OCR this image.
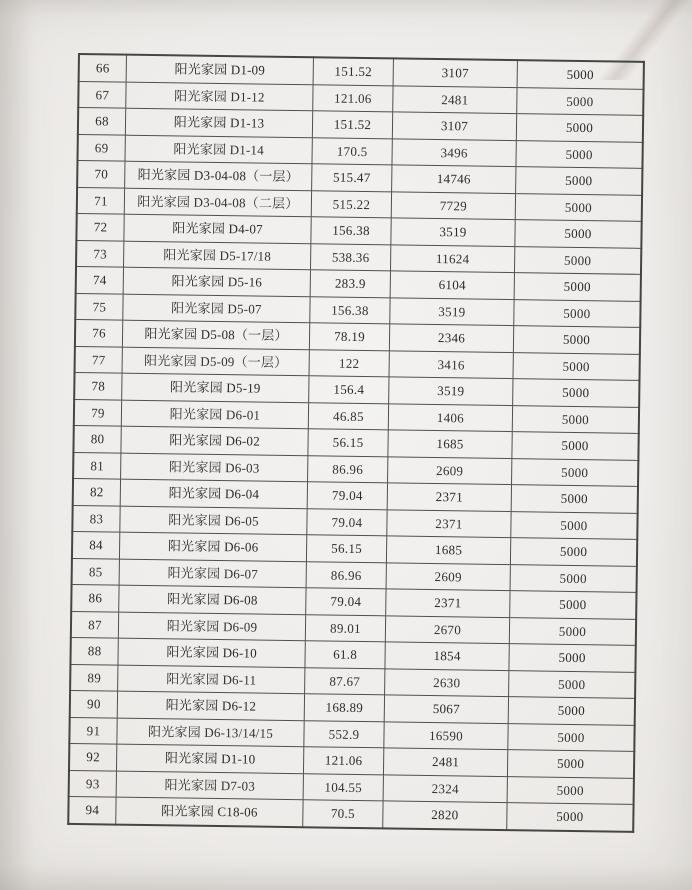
66	阳光家园 D1-09	151.52	3107	5000
67	阳光家园 D1-12	121.06	2481	5000
68	阳光家园 D1-13	151.52	3107	5000
69	阳光家园 D1-14	170.5	3496	5000
70	阳光家园 D3-04-08（一层）	515.47	14746	5000
71	阳光家园 D3-04-08（二层）	515.22	7729	5000
72	阳光家园 D4-07	156.38	3519	5000
73	阳光家园 D5-17/18	538.36	11624	5000
74	阳光家园 D5-16	283.9	6104	5000
75	阳光家园 D5-07	156.38	3519	5000
76	阳光家园 D5-08（一层）	78.19	2346	5000
77	阳光家园 D5-09（一层）	122	3416	5000
78	阳光家园 D5-19	156.4	3519	5000
79	阳光家园 D6-01	46.85	1406	5000
80	阳光家园 D6-02	56.15	1685	5000
81	阳光家园 D6-03	86.96	2609	5000
82	阳光家园 D6-04	79.04	2371	5000
83	阳光家园 D6-05	79.04	2371	5000
84	阳光家园 D6-06	56.15	1685	5000
85	阳光家园 D6-07	86.96	2609	5000
86	阳光家园 D6-08	79.04	2371	5000
87	阳光家园 D6-09	89.01	2670	5000
88	阳光家园 D6-10	61.8	1854	5000
89	阳光家园 D6-11	87.67	2630	5000
90	阳光家园 D6-12	168.89	5067	5000
91	阳光家园 D6-13/14/15	552.9	16590	5000
92	阳光家园 D1-10	121.06	2481	5000
93	阳光家园 D7-03	104.55	2324	5000
94	阳光家园 C18-06	70.5	2820	5000
